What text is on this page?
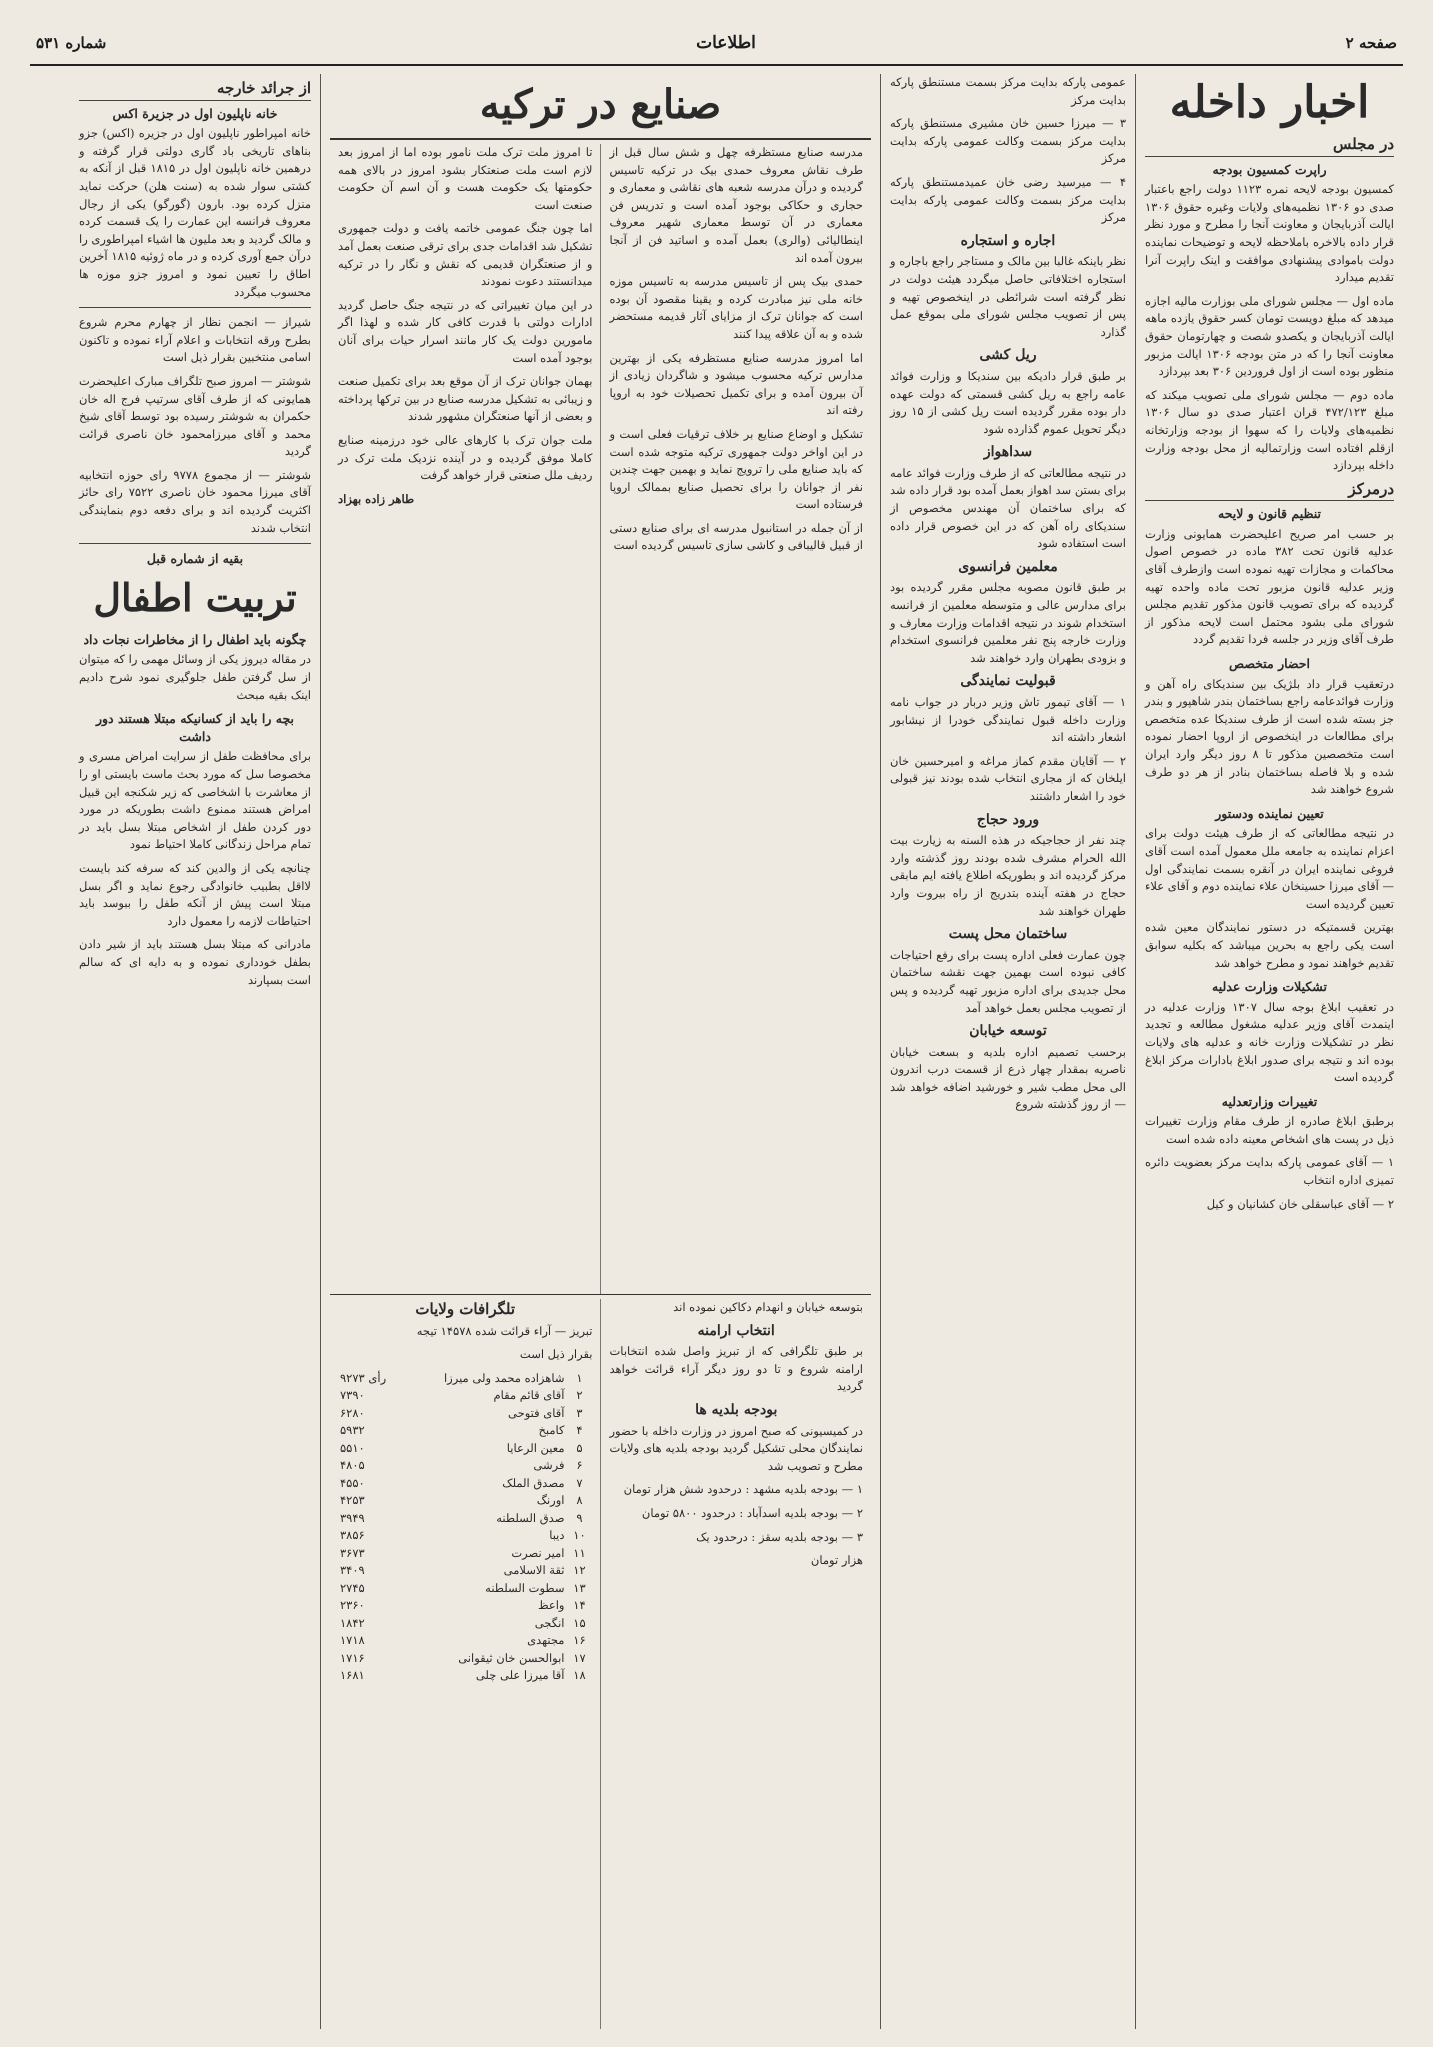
صفحه ۲
اطلاعات
شماره ۵۳۱
اخبار داخله
در مجلس
راپرت کمسیون بودجه

کمسیون بودجه لایحه نمره ۱۱۲۳ دولت راجع باعتبار صدی دو ۱۳۰۶ نظمیه‌های ولایات وغیره حقوق ۱۳۰۶ ایالت آذربایجان و معاونت آنجا را مطرح و مورد نظر قرار داده بالاخره باملاحظه لایحه و توضیحات نماینده دولت باموادی پیشنهادی موافقت و اینک راپرت آنرا تقدیم میدارد

ماده اول — مجلس شورای ملی بوزارت مالیه اجازه میدهد که مبلغ دویست تومان کسر حقوق یازده ماهه ایالت آذربایجان و یکصدو شصت و چهارتومان حقوق معاونت آنجا را که در متن بودجه ۱۳۰۶ ایالت مزبور منظور بوده است از اول فروردین ۳۰۶ بعد بپردازد

ماده دوم — مجلس شورای ملی تصویب میکند که مبلغ ۴۷۲/۱۲۳ قران اعتبار صدی دو سال ۱۳۰۶ نظمیه‌های ولایات را که سهوا از بودجه وزارتخانه ازقلم افتاده است وزارتمالیه از محل بودجه وزارت داخله بپردازد

درمرکز
تنظیم قانون و لایحه

بر حسب امر صریح اعلیحضرت همایونی وزارت عدلیه قانون تحت ۳۸۲ ماده در خصوص اصول محاکمات و مجازات تهیه نموده است وازطرف آقای وزیر عدلیه قانون مزبور تحت ماده واحده تهیه گردیده که برای تصویب قانون مذکور تقدیم مجلس شورای ملی بشود محتمل است لایحه مذکور از طرف آقای وزیر در جلسه فردا تقدیم گردد

احضار متخصص

درتعقیب قرار داد بلژیک بین سندیکای راه آهن و وزارت فوائدعامه راجع بساختمان بندر شاهپور و بندر جز بسته شده است از طرف سندیکا عده متخصص برای مطالعات در اینخصوص از اروپا احضار نموده است متخصصین مذکور تا ۸ روز دیگر وارد ایران شده و بلا فاصله بساختمان بنادر از هر دو طرف شروع خواهند شد

تعیین نماینده ودستور

در نتیجه مطالعاتی که از طرف هیئت دولت برای اعزام نماینده به جامعه ملل معمول آمده است آقای فروغی نماینده ایران در آنقره بسمت نمایندگی اول — آقای میرزا حسینخان علاء نماینده دوم و آقای علاء تعیین گردیده است

بهترین قسمتیکه در دستور نمایندگان معین شده است یکی راجع به بحرین میباشد که بکلیه سوابق تقدیم خواهند نمود و مطرح خواهد شد

تشکیلات وزارت عدلیه

در تعقیب ابلاغ بوجه سال ۱۳۰۷ وزارت عدلیه در اینمدت آقای وزیر عدلیه مشغول مطالعه و تجدید نظر در تشکیلات وزارت خانه و عدلیه های ولایات بوده اند و نتیجه برای صدور ابلاغ بادارات مرکز ابلاغ گردیده است

تغییرات وزارتعدلیه

برطبق ابلاغ صادره از طرف مقام وزارت تغییرات ذیل در پست های اشخاص معینه داده شده است

۱ — آقای عمومی پارکه بدایت مرکز بعضویت دائره تمیزی اداره انتخاب

۲ — آقای عباسقلی خان کشانیان و کیل

عمومی پارکه بدایت مرکز بسمت مستنطق پارکه بدایت مرکز

۳ — میرزا حسین خان مشیری مستنطق پارکه بدایت مرکز بسمت وکالت عمومی پارکه بدایت مرکز

۴ — میرسید رضی خان عمیدمستنطق پارکه بدایت مرکز بسمت وکالت عمومی پارکه بدایت مرکز

اجاره و استجاره

نظر باینکه غالبا بین مالک و مستاجر راجع باجاره و استجاره اختلافاتی حاصل میگردد هیئت دولت در نظر گرفته است شرائطی در اینخصوص تهیه و پس از تصویب مجلس شورای ملی بموقع عمل گذارد

ریل کشی

بر طبق قرار دادیکه بین سندیکا و وزارت فوائد عامه راجع به ریل کشی قسمتی که دولت عهده دار بوده مقرر گردیده است ریل کشی از ۱۵ روز دیگر تحویل عموم گذارده شود

سداهواز

در نتیجه مطالعاتی که از طرف وزارت فوائد عامه برای بستن سد اهواز بعمل آمده بود قرار داده شد که برای ساختمان آن مهندس مخصوص از سندیکای راه آهن که در این خصوص قرار داده است استفاده شود

معلمین فرانسوی

بر طبق قانون مصوبه مجلس مقرر گردیده بود برای مدارس عالی و متوسطه معلمین از فرانسه استخدام شوند در نتیجه اقدامات وزارت معارف و وزارت خارجه پنج نفر معلمین فرانسوی استخدام و بزودی بطهران وارد خواهند شد

قبولیت نمایندگی

۱ — آقای تیمور تاش وزیر دربار در جواب نامه وزارت داخله قبول نمایندگی خودرا از نیشابور اشعار داشته اند

۲ — آقایان مقدم کماز مراغه و امیرحسین خان ایلخان که از مجاری انتخاب شده بودند نیز قبولی خود را اشعار داشتند

ورود حجاج

چند نفر از حجاجیکه در هذه السنه به زیارت بیت الله الحرام مشرف شده بودند روز گذشته وارد مرکز گردیده اند و بطوریکه اطلاع یافته ایم مابقی حجاج در هفته آینده بتدریج از راه بیروت وارد طهران خواهند شد

ساختمان محل پست

چون عمارت فعلی اداره پست برای رفع احتیاجات کافی نبوده است بهمین جهت نقشه ساختمان محل جدیدی برای اداره مزبور تهیه گردیده و پس از تصویب مجلس بعمل خواهد آمد

توسعه خیابان

برحسب تصمیم اداره بلدیه و بسعت خیابان ناصریه بمقدار چهار ذرع از قسمت درب اندرون الی محل مطب شیر و خورشید اضافه خواهد شد — از روز گذشته شروع

صنایع در ترکیه

مدرسه صنایع مستظرفه چهل و شش سال قبل از طرف نقاش معروف حمدی بیک در ترکیه تاسیس گردیده و درآن مدرسه شعبه های نقاشی و معماری و حجاری و حکاکی بوجود آمده است و تدریس فن معماری در آن توسط معماری شهیر معروف اینطالیائی (والری) بعمل آمده و اساتید فن از آنجا بیرون آمده اند

حمدی بیک پس از تاسیس مدرسه به تاسیس موزه خانه ملی نیز مبادرت کرده و یقینا مقصود آن بوده است که جوانان ترک از مزایای آثار قدیمه مستحضر شده و به آن علاقه پیدا کنند

اما امروز مدرسه صنایع مستظرفه یکی از بهترین مدارس ترکیه محسوب میشود و شاگردان زیادی از آن بیرون آمده و برای تکمیل تحصیلات خود به اروپا رفته اند

تشکیل و اوضاع صنایع بر خلاف ترقیات فعلی است و در این اواخر دولت جمهوری ترکیه متوجه شده است که باید صنایع ملی را ترویج نماید و بهمین جهت چندین نفر از جوانان را برای تحصیل صنایع بممالک اروپا فرستاده است

از آن جمله در استانبول مدرسه ای برای صنایع دستی از قبیل قالیبافی و کاشی سازی تاسیس گردیده است

تا امروز ملت ترک ملت نامور بوده اما از امروز بعد لازم است ملت صنعتکار بشود امروز در بالای همه حکومتها یک حکومت هست و آن اسم آن حکومت صنعت است

اما چون جنگ عمومی خاتمه یافت و دولت جمهوری تشکیل شد اقدامات جدی برای ترقی صنعت بعمل آمد و از صنعتگران قدیمی که نقش و نگار را در ترکیه میدانستند دعوت نمودند

در این میان تغییراتی که در نتیجه جنگ حاصل گردید ادارات دولتی با قدرت کافی کار شده و لهذا اگر مامورین دولت یک کار مانند اسرار حیات برای آنان بوجود آمده است

بهمان جوانان ترک از آن موقع بعد برای تکمیل صنعت و زیبائی به تشکیل مدرسه صنایع در بین ترکها پرداخته و بعضی از آنها صنعتگران مشهور شدند

ملت جوان ترک با کارهای عالی خود درزمینه صنایع کاملا موفق گردیده و در آینده نزدیک ملت ترک در ردیف ملل صنعتی قرار خواهد گرفت

طاهر زاده بهزاد

بتوسعه خیابان و انهدام دکاکین نموده اند

انتخاب ارامنه

بر طبق تلگرافی که از تبریز واصل شده انتخابات ارامنه شروع و تا دو روز دیگر آراء قرائت خواهد گردید

بودجه بلدیه ها

در کمیسیونی که صبح امروز در وزارت داخله با حضور نمایندگان محلی تشکیل گردید بودجه بلدیه های ولایات مطرح و تصویب شد

۱ — بودجه بلدیه مشهد : درحدود شش هزار تومان

۲ — بودجه بلدیه اسدآباد : درحدود ۵۸۰۰ تومان

۳ — بودجه بلدیه سقز : درحدود یک

هزار تومان

تلگرافات ولایات
تبریز — آراء قرائت شده ۱۴۵۷۸ تیجه
بقرار ذیل است
۱	شاهزاده محمد ولی میرزا	۹۲۷۳ رأی
۲	آقای قائم مقام	۷۳۹۰
۳	آقای فتوحی	۶۲۸۰
۴	کامبخ	۵۹۳۲
۵	معین الرعایا	۵۵۱۰
۶	فرشی	۴۸۰۵
۷	مصدق الملک	۴۵۵۰
۸	اورنگ	۴۲۵۳
۹	صدق السلطنه	۳۹۴۹
۱۰	دیبا	۳۸۵۶
۱۱	امیر نصرت	۳۶۷۳
۱۲	ثقة الاسلامی	۳۴۰۹
۱۳	سطوت السلطنه	۲۷۴۵
۱۴	واعظ	۲۳۶۰
۱۵	انگجی	۱۸۴۲
۱۶	مجتهدی	۱۷۱۸
۱۷	ابوالحسن خان ثیقوانی	۱۷۱۶
۱۸	آقا میرزا علی چلی	۱۶۸۱
از جرائد خارجه
خانه ناپلیون اول در جزیرة اکس

خانه امپراطور ناپلیون اول در جزیره (اکس) جزو بناهای تاریخی باد گاری دولتی قرار گرفته و درهمین خانه ناپلیون اول در ۱۸۱۵ قبل از آنکه به کشتی سوار شده به (سنت هلن) حرکت نماید منزل کرده بود. بارون (گورگو) یکی از رجال معروف فرانسه این عمارت را یک قسمت کرده و مالک گردید و بعد ملیون ها اشیاء امپراطوری را درآن جمع آوری کرده و در ماه ژوئیه ۱۸۱۵ آخرین اطاق را تعیین نمود و امروز جزو موزه ها محسوب میگردد

شیراز — انجمن نظار از چهارم محرم شروع بطرح ورقه انتخابات و اعلام آراء نموده و تاکنون اسامی منتخبین بقرار ذیل است

شوشتر — امروز صبح تلگراف مبارک اعلیحضرت همایونی که از طرف آقای سرتیپ فرج اله خان حکمران به شوشتر رسیده بود توسط آقای شیخ محمد و آقای میرزامحمود خان ناصری قرائت گردید

شوشتر — از مجموع ۹۷۷۸ رای حوزه انتخابیه آقای میرزا محمود خان ناصری ۷۵۲۲ رای حائز اکثریت گردیده اند و برای دفعه دوم بنمایندگی انتخاب شدند

بقیه از شماره قبل
تربیت اطفال
چگونه باید اطفال را از مخاطرات نجات داد

در مقاله دیروز یکی از وسائل مهمی را که میتوان از سل گرفتن طفل جلوگیری نمود شرح دادیم اینک بقیه مبحث

بچه را باید از کسانیکه مبتلا هستند دور داشت

برای محافظت طفل از سرایت امراض مسری و مخصوصا سل که مورد بحث ماست بایستی او را از معاشرت با اشخاصی که زیر شکنجه این قبیل امراض هستند ممنوع داشت بطوریکه در مورد دور کردن طفل از اشخاص مبتلا بسل باید در تمام مراحل زندگانی کاملا احتیاط نمود

چنانچه یکی از والدین کند که سرفه کند بایست لااقل بطبیب خانوادگی رجوع نماید و اگر بسل مبتلا است پیش از آنکه طفل را ببوسد باید احتیاطات لازمه را معمول دارد

مادرانی که مبتلا بسل هستند باید از شیر دادن بطفل خودداری نموده و به دایه ای که سالم است بسپارند
